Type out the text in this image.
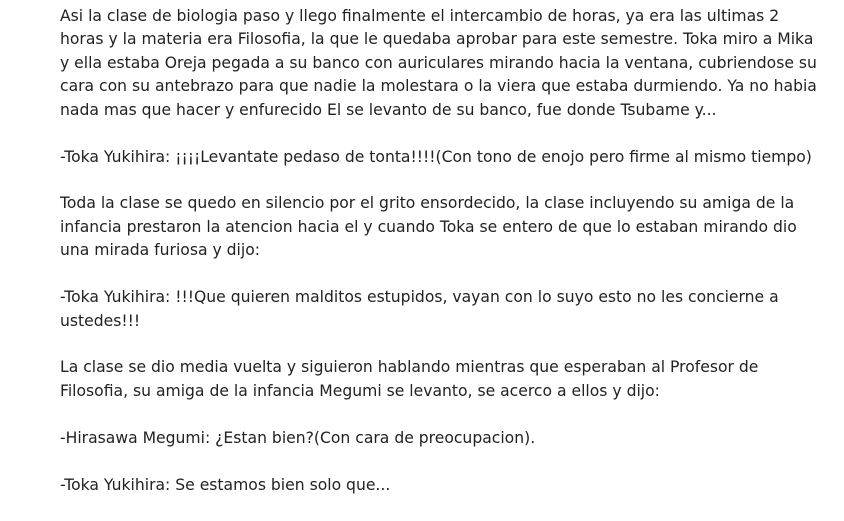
Asi la clase de biologia paso y llego finalmente el intercambio de horas, ya era las ultimas 2
horas y la materia era Filosofia, la que le quedaba aprobar para este semestre. Toka miro a Mika
y ella estaba Oreja pegada a su banco con auriculares mirando hacia la ventana, cubriendose su
cara con su antebrazo para que nadie la molestara o la viera que estaba durmiendo. Ya no habia
nada mas que hacer y enfurecido El se levanto de su banco, fue donde Tsubame y...

-Toka Yukihira: ¡¡¡¡Levantate pedaso de tonta!!!!(Con tono de enojo pero firme al mismo tiempo)

Toda la clase se quedo en silencio por el grito ensordecido, la clase incluyendo su amiga de la
infancia prestaron la atencion hacia el y cuando Toka se entero de que lo estaban mirando dio
una mirada furiosa y dijo:

-Toka Yukihira: !!!Que quieren malditos estupidos, vayan con lo suyo esto no les concierne a
ustedes!!!

La clase se dio media vuelta y siguieron hablando mientras que esperaban al Profesor de
Filosofia, su amiga de la infancia Megumi se levanto, se acerco a ellos y dijo:

-Hirasawa Megumi: ¿Estan bien?(Con cara de preocupacion).

-Toka Yukihira: Se estamos bien solo que...
